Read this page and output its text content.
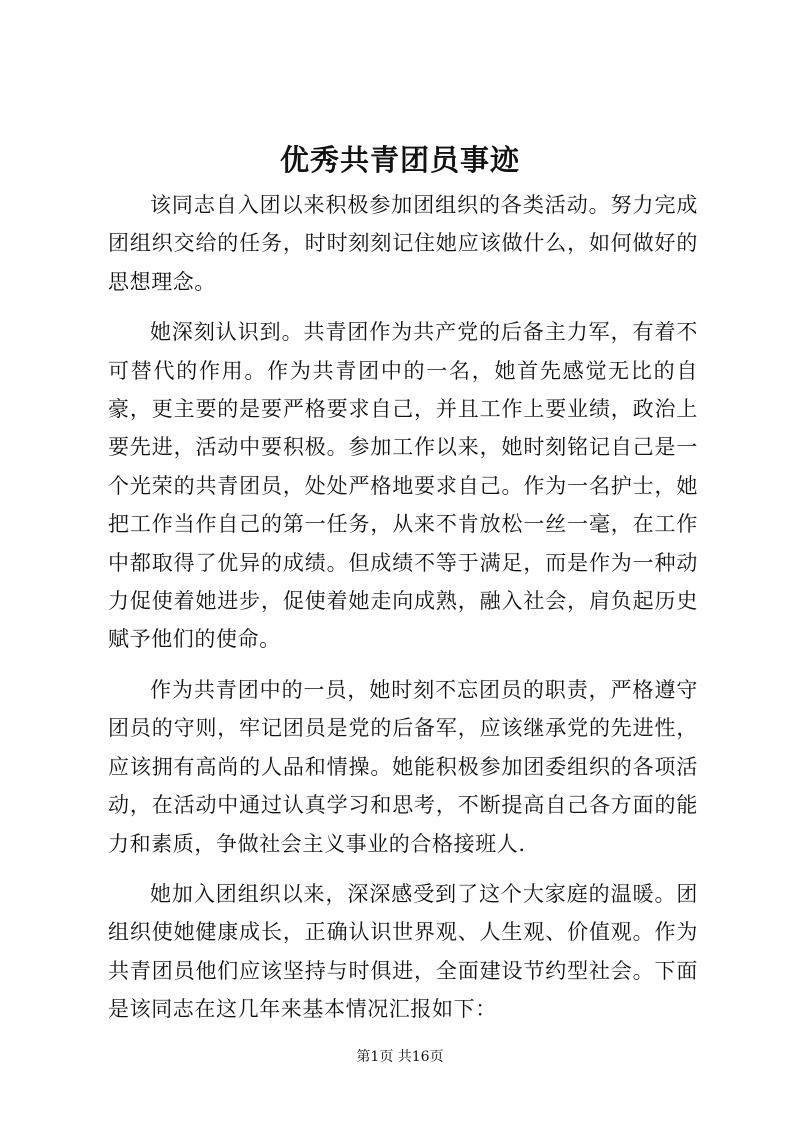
优秀共青团员事迹

该同志自入团以来积极参加团组织的各类活动。努力完成团组织交给的任务，时时刻刻记住她应该做什么，如何做好的思想理念。

她深刻认识到。共青团作为共产党的后备主力军，有着不可替代的作用。作为共青团中的一名，她首先感觉无比的自豪，更主要的是要严格要求自己，并且工作上要业绩，政治上要先进，活动中要积极。参加工作以来，她时刻铭记自己是一个光荣的共青团员，处处严格地要求自己。作为一名护士，她把工作当作自己的第一任务，从来不肯放松一丝一毫，在工作中都取得了优异的成绩。但成绩不等于满足，而是作为一种动力促使着她进步，促使着她走向成熟，融入社会，肩负起历史赋予他们的使命。

作为共青团中的一员，她时刻不忘团员的职责，严格遵守团员的守则，牢记团员是党的后备军，应该继承党的先进性，应该拥有高尚的人品和情操。她能积极参加团委组织的各项活动，在活动中通过认真学习和思考，不断提高自己各方面的能力和素质，争做社会主义事业的合格接班人.

她加入团组织以来，深深感受到了这个大家庭的温暖。团组织使她健康成长，正确认识世界观、人生观、价值观。作为共青团员他们应该坚持与时俱进，全面建设节约型社会。下面是该同志在这几年来基本情况汇报如下：

第1页 共16页
